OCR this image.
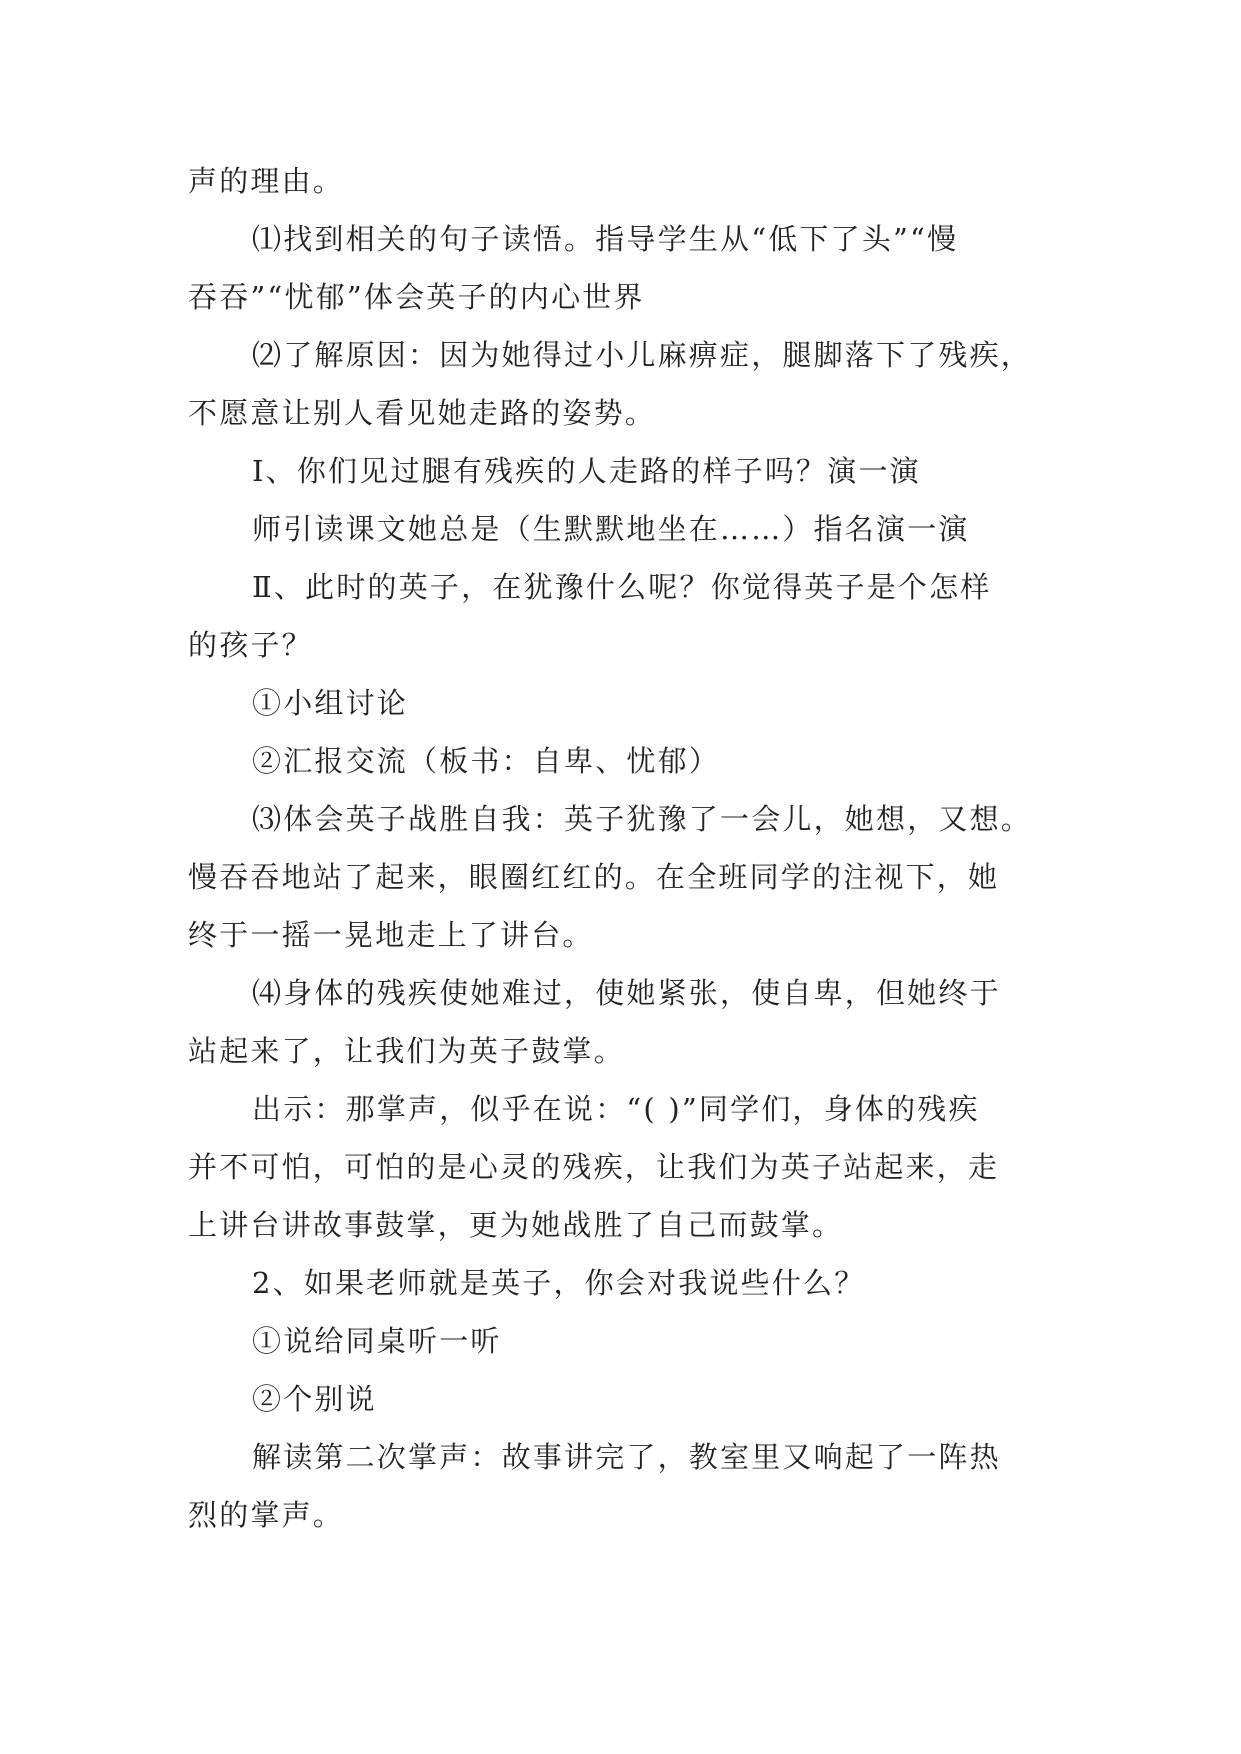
声的理由。
⑴找到相关的句子读悟。指导学生从“低下了头”“慢
吞吞”“忧郁”体会英子的内心世界
⑵了解原因：因为她得过小儿麻痹症，腿脚落下了残疾，
不愿意让别人看见她走路的姿势。
Ⅰ、你们见过腿有残疾的人走路的样子吗？演一演
师引读课文她总是（生默默地坐在……）指名演一演
Ⅱ、此时的英子，在犹豫什么呢？你觉得英子是个怎样
的孩子？
①小组讨论
②汇报交流（板书：自卑、忧郁）
⑶体会英子战胜自我：英子犹豫了一会儿，她想，又想。
慢吞吞地站了起来，眼圈红红的。在全班同学的注视下，她
终于一摇一晃地走上了讲台。
⑷身体的残疾使她难过，使她紧张，使自卑，但她终于
站起来了，让我们为英子鼓掌。
出示：那掌声，似乎在说：“( )”同学们，身体的残疾
并不可怕，可怕的是心灵的残疾，让我们为英子站起来，走
上讲台讲故事鼓掌，更为她战胜了自己而鼓掌。
2、如果老师就是英子，你会对我说些什么？
①说给同桌听一听
②个别说
解读第二次掌声：故事讲完了，教室里又响起了一阵热
烈的掌声。
